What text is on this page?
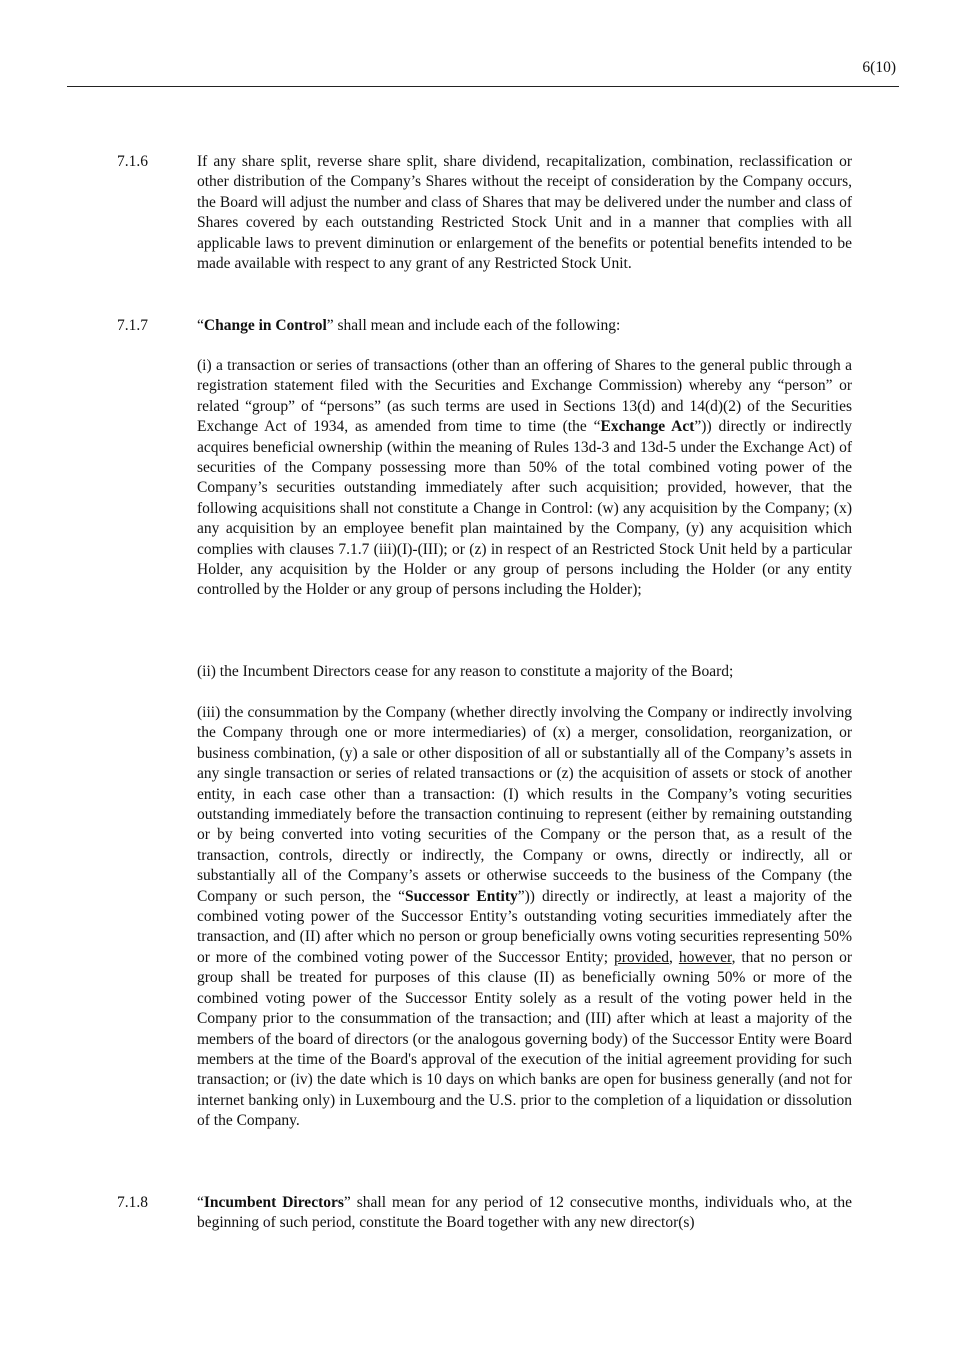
6(10)
7.1.6	If any share split, reverse share split, share dividend, recapitalization, combination, reclassification or other distribution of the Company’s Shares without the receipt of consideration by the Company occurs, the Board will adjust the number and class of Shares that may be delivered under the number and class of Shares covered by each outstanding Restricted Stock Unit and in a manner that complies with all applicable laws to prevent diminution or enlargement of the benefits or potential benefits intended to be made available with respect to any grant of any Restricted Stock Unit.

7.1.7	“Change in Control” shall mean and include each of the following:

(i) a transaction or series of transactions (other than an offering of Shares to the general public through a registration statement filed with the Securities and Exchange Commission) whereby any “person” or related “group” of “persons” (as such terms are used in Sections 13(d) and 14(d)(2) of the Securities Exchange Act of 1934, as amended from time to time (the “Exchange Act”)) directly or indirectly acquires beneficial ownership (within the meaning of Rules 13d-3 and 13d-5 under the Exchange Act) of securities of the Company possessing more than 50% of the total combined voting power of the Company’s securities outstanding immediately after such acquisition; provided, however, that the following acquisitions shall not constitute a Change in Control: (w) any acquisition by the Company; (x) any acquisition by an employee benefit plan maintained by the Company, (y) any acquisition which complies with clauses 7.1.7 (iii)(I)-(III); or (z) in respect of an Restricted Stock Unit held by a particular Holder, any acquisition by the Holder or any group of persons including the Holder (or any entity controlled by the Holder or any group of persons including the Holder);

(ii) the Incumbent Directors cease for any reason to constitute a majority of the Board;

(iii) the consummation by the Company (whether directly involving the Company or indirectly involving the Company through one or more intermediaries) of (x) a merger, consolidation, reorganization, or business combination, (y) a sale or other disposition of all or substantially all of the Company’s assets in any single transaction or series of related transactions or (z) the acquisition of assets or stock of another entity, in each case other than a transaction: (I) which results in the Company’s voting securities outstanding immediately before the transaction continuing to represent (either by remaining outstanding or by being converted into voting securities of the Company or the person that, as a result of the transaction, controls, directly or indirectly, the Company or owns, directly or indirectly, all or substantially all of the Company’s assets or otherwise succeeds to the business of the Company (the Company or such person, the “Successor Entity”)) directly or indirectly, at least a majority of the combined voting power of the Successor Entity’s outstanding voting securities immediately after the transaction, and (II) after which no person or group beneficially owns voting securities representing 50% or more of the combined voting power of the Successor Entity; provided, however, that no person or group shall be treated for purposes of this clause (II) as beneficially owning 50% or more of the combined voting power of the Successor Entity solely as a result of the voting power held in the Company prior to the consummation of the transaction; and (III) after which at least a majority of the members of the board of directors (or the analogous governing body) of the Successor Entity were Board members at the time of the Board's approval of the execution of the initial agreement providing for such transaction; or (iv) the date which is 10 days on which banks are open for business generally (and not for internet banking only) in Luxembourg and the U.S. prior to the completion of a liquidation or dissolution of the Company.

7.1.8	“Incumbent Directors” shall mean for any period of 12 consecutive months, individuals who, at the beginning of such period, constitute the Board together with any new director(s)
